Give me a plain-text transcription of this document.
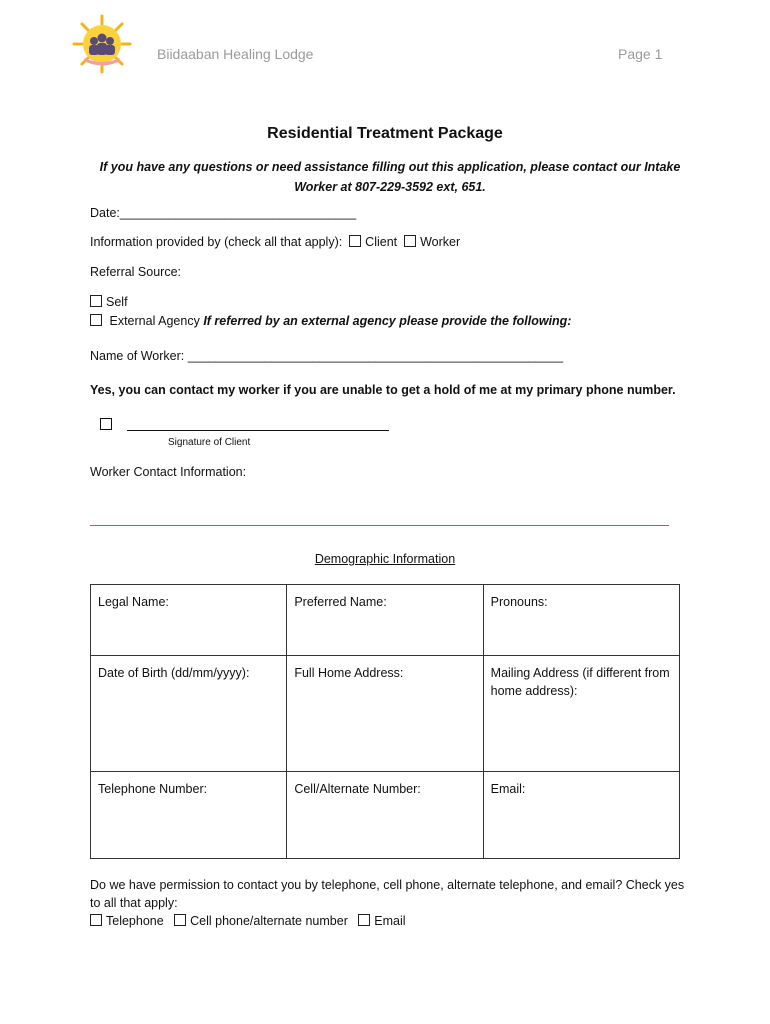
Biidaaban Healing Lodge	Page 1
Residential Treatment Package
If you have any questions or need assistance filling out this application, please contact our Intake Worker at 807-229-3592 ext, 651.
Date:__________________________________
Information provided by (check all that apply): Client Worker
Referral Source:
Self
External Agency If referred by an external agency please provide the following:
Name of Worker: ______________________________________________________
Yes, you can contact my worker if you are unable to get a hold of me at my primary phone number.
Signature of Client
Worker Contact Information:
Demographic Information
Legal Name:	Preferred Name:	Pronouns:
Date of Birth (dd/mm/yyyy):	Full Home Address:	Mailing Address (if different from home address):
Telephone Number:	Cell/Alternate Number:	Email:
Do we have permission to contact you by telephone, cell phone, alternate telephone, and email? Check yes to all that apply:
Telephone Cell phone/alternate number Email
